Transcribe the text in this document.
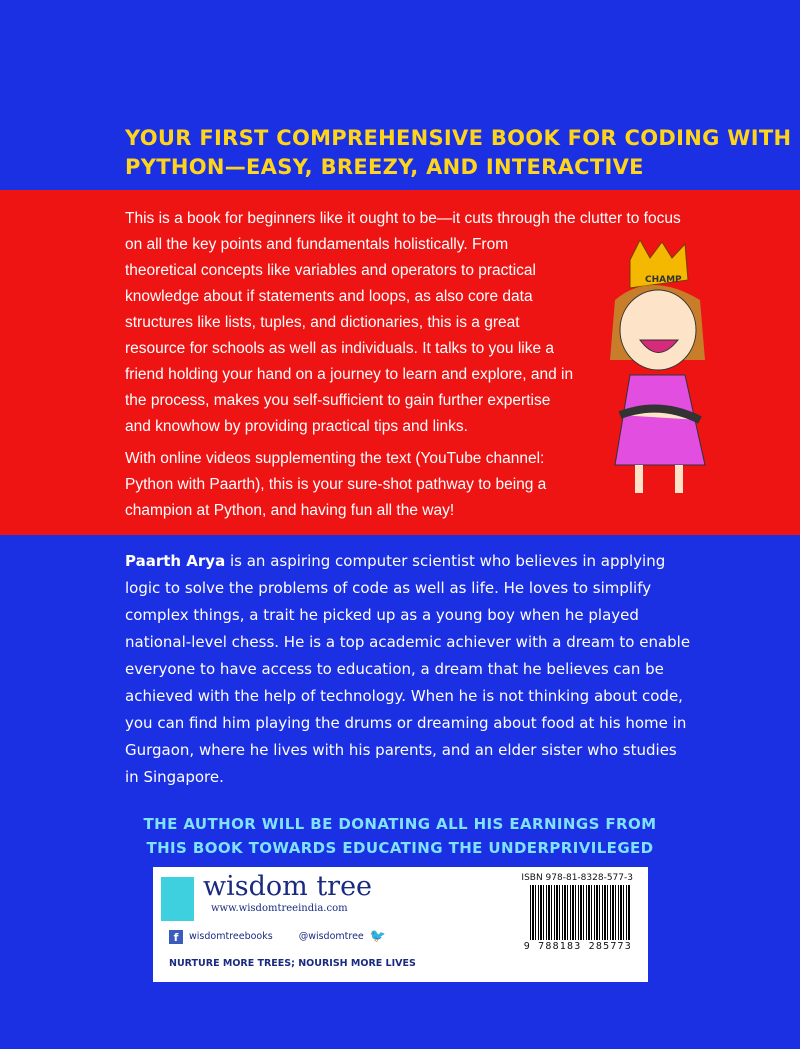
YOUR FIRST COMPREHENSIVE BOOK FOR CODING WITH
PYTHON—EASY, BREEZY, AND INTERACTIVE

This is a book for beginners like it ought to be—it cuts through the clutter to focus on all the key points and fundamentals holistically. From theoretical concepts like variables and operators to practical knowledge about if statements and loops, as also core data structures like lists, tuples, and dictionaries, this is a great resource for schools as well as individuals. It talks to you like a friend holding your hand on a journey to learn and explore, and in the process, makes you self-sufficient to gain further expertise and knowhow by providing practical tips and links.

With online videos supplementing the text (YouTube channel: Python with Paarth), this is your sure-shot pathway to being a champion at Python, and having fun all the way!

CHAMP
Paarth Arya is an aspiring computer scientist who believes in applying logic to solve the problems of code as well as life. He loves to simplify complex things, a trait he picked up as a young boy when he played national-level chess. He is a top academic achiever with a dream to enable everyone to have access to education, a dream that he believes can be achieved with the help of technology. When he is not thinking about code, you can find him playing the drums or dreaming about food at his home in Gurgaon, where he lives with his parents, and an elder sister who studies in Singapore.
THE AUTHOR WILL BE DONATING ALL HIS EARNINGS FROM
THIS BOOK TOWARDS EDUCATING THE UNDERPRIVILEGED
wisdom tree
www.wisdomtreeindia.com
f	wisdomtreebooks	@wisdomtree 🐦
NURTURE MORE TREES; NOURISH MORE LIVES
ISBN 978-81-8328-577-3
9 788183 285773
